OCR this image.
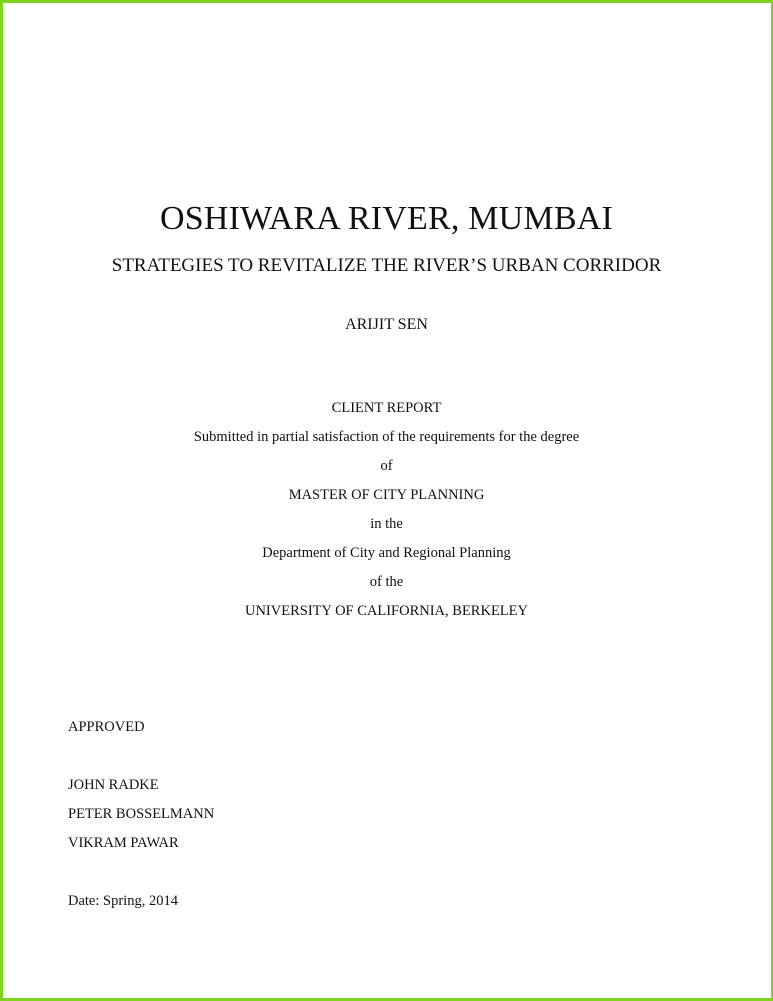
OSHIWARA RIVER, MUMBAI
STRATEGIES TO REVITALIZE THE RIVER’S URBAN CORRIDOR
ARIJIT SEN
CLIENT REPORT
Submitted in partial satisfaction of the requirements for the degree
of
MASTER OF CITY PLANNING
in the
Department of City and Regional Planning
of the
UNIVERSITY OF CALIFORNIA, BERKELEY
APPROVED
JOHN RADKE
PETER BOSSELMANN
VIKRAM PAWAR
Date: Spring, 2014
